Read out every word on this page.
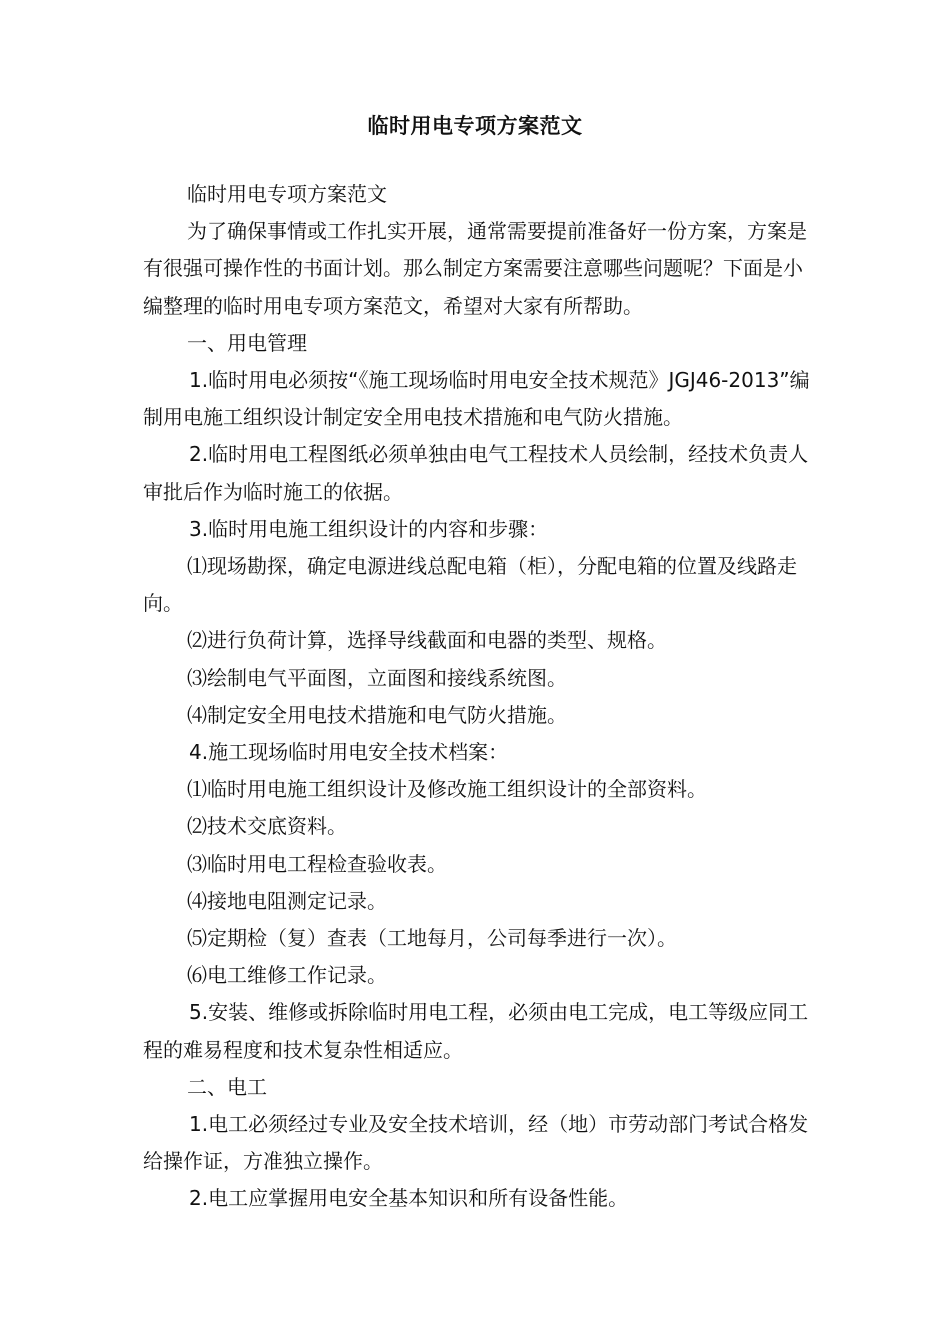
临时用电专项方案范文

临时用电专项方案范文

为了确保事情或工作扎实开展，通常需要提前准备好一份方案，方案是有很强可操作性的书面计划。那么制定方案需要注意哪些问题呢？下面是小编整理的临时用电专项方案范文，希望对大家有所帮助。

一、用电管理

1.临时用电必须按“《施工现场临时用电安全技术规范》JGJ46-2013”编制用电施工组织设计制定安全用电技术措施和电气防火措施。

2.临时用电工程图纸必须单独由电气工程技术人员绘制，经技术负责人审批后作为临时施工的依据。

3.临时用电施工组织设计的内容和步骤：

⑴现场勘探，确定电源进线总配电箱（柜），分配电箱的位置及线路走向。

⑵进行负荷计算，选择导线截面和电器的类型、规格。

⑶绘制电气平面图，立面图和接线系统图。

⑷制定安全用电技术措施和电气防火措施。

4.施工现场临时用电安全技术档案：

⑴临时用电施工组织设计及修改施工组织设计的全部资料。

⑵技术交底资料。

⑶临时用电工程检查验收表。

⑷接地电阻测定记录。

⑸定期检（复）查表（工地每月，公司每季进行一次）。

⑹电工维修工作记录。

5.安装、维修或拆除临时用电工程，必须由电工完成，电工等级应同工程的难易程度和技术复杂性相适应。

二、电工

1.电工必须经过专业及安全技术培训，经（地）市劳动部门考试合格发给操作证，方准独立操作。

2.电工应掌握用电安全基本知识和所有设备性能。
